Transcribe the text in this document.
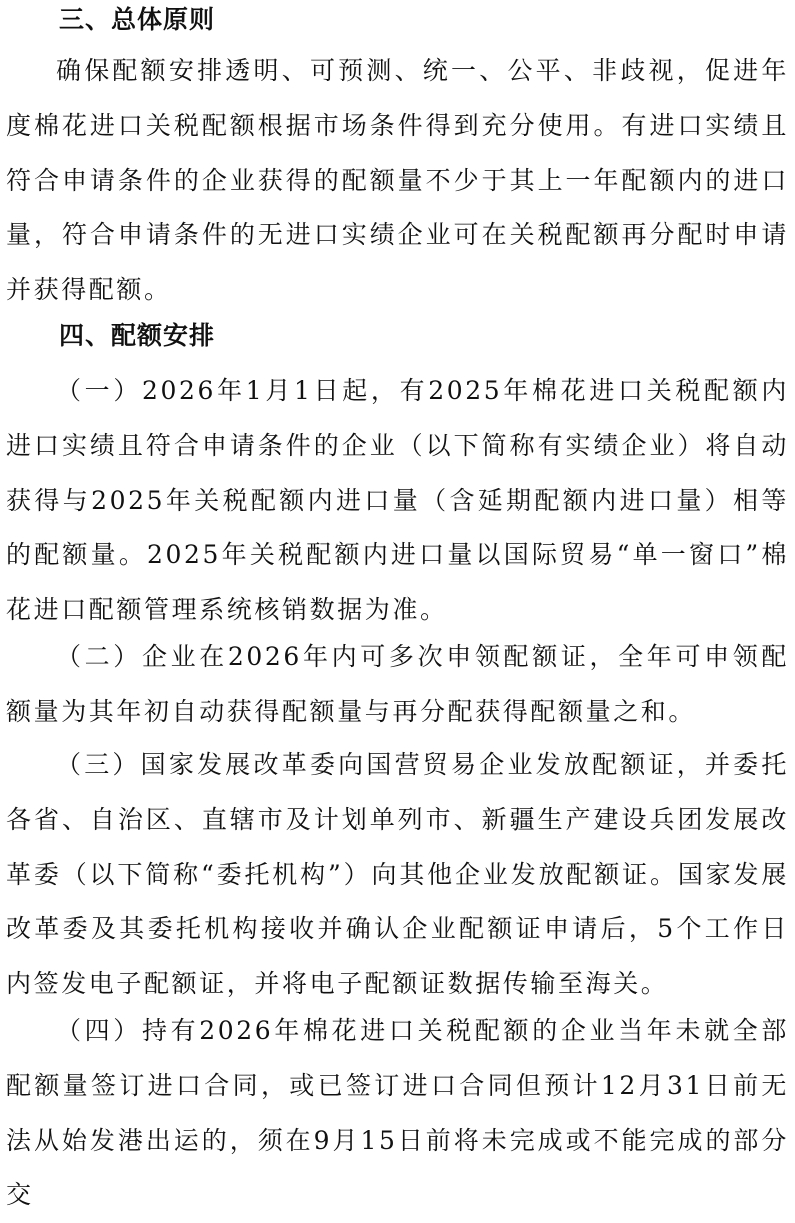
三、总体原则

确保配额安排透明、可预测、统一、公平、非歧视，促进年度棉花进口关税配额根据市场条件得到充分使用。有进口实绩且符合申请条件的企业获得的配额量不少于其上一年配额内的进口量，符合申请条件的无进口实绩企业可在关税配额再分配时申请并获得配额。

四、配额安排

（一）2026年1月1日起，有2025年棉花进口关税配额内进口实绩且符合申请条件的企业（以下简称有实绩企业）将自动获得与2025年关税配额内进口量（含延期配额内进口量）相等的配额量。2025年关税配额内进口量以国际贸易“单一窗口”棉花进口配额管理系统核销数据为准。

（二）企业在2026年内可多次申领配额证，全年可申领配额量为其年初自动获得配额量与再分配获得配额量之和。

（三）国家发展改革委向国营贸易企业发放配额证，并委托各省、自治区、直辖市及计划单列市、新疆生产建设兵团发展改革委（以下简称“委托机构”）向其他企业发放配额证。国家发展改革委及其委托机构接收并确认企业配额证申请后，5个工作日内签发电子配额证，并将电子配额证数据传输至海关。

（四）持有2026年棉花进口关税配额的企业当年未就全部配额量签订进口合同，或已签订进口合同但预计12月31日前无法从始发港出运的，须在9月15日前将未完成或不能完成的部分交
